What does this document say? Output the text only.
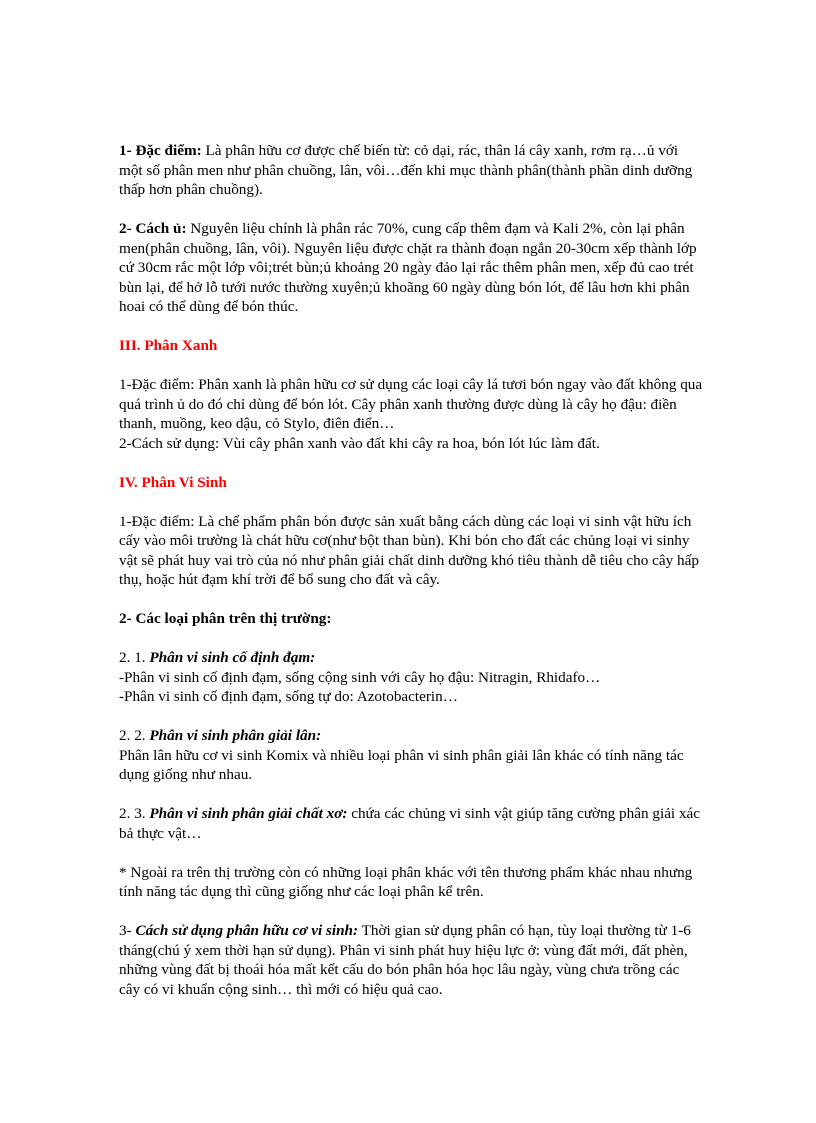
1- Đặc điểm: Là phân hữu cơ được chế biến từ: cỏ dại, rác, thân lá cây xanh, rơm rạ…ủ với một số phân men như phân chuồng, lân, vôi…đến khi mục thành phân(thành phần dinh dưỡng thấp hơn phân chuồng).

2- Cách ủ: Nguyên liệu chính là phân rác 70%, cung cấp thêm đạm và Kali 2%, còn lại phân men(phân chuồng, lân, vôi). Nguyên liệu được chặt ra thành đoạn ngắn 20-30cm xếp thành lớp cứ 30cm rắc một lớp vôi;trét bùn;ủ khoảng 20 ngày đảo lại rắc thêm phân men, xếp đủ cao trét bùn lại, để hở lỗ tưới nước thường xuyên;ủ khoãng 60 ngày dùng bón lót, để lâu hơn khi phân hoai có thể dùng để bón thúc.

III. Phân Xanh

1-Đặc điểm: Phân xanh là phân hữu cơ sử dụng các loại cây lá tươi bón ngay vào đất không qua quá trình ủ do đó chỉ dùng để bón lót. Cây phân xanh thường được dùng là cây họ đậu: điền thanh, muồng, keo dậu, cỏ Stylo, điên điển…
2-Cách sử dụng: Vùi cây phân xanh vào đất khi cây ra hoa, bón lót lúc làm đất.

IV. Phân Vi Sinh

1-Đặc điểm: Là chế phẩm phân bón được sản xuất bằng cách dùng các loại vi sinh vật hữu ích cấy vào môi trường là chát hữu cơ(như bột than bùn). Khi bón cho đất các chủng loại vi sinhy vật sẽ phát huy vai trò của nó như phân giải chất dinh dưỡng khó tiêu thành dễ tiêu cho cây hấp thụ, hoặc hút đạm khí trời để bổ sung cho đất và cây.

2- Các loại phân trên thị trường:

2. 1. Phân vi sinh cố định đạm:
-Phân vi sinh cố định đạm, sống cộng sinh với cây họ đậu: Nitragin, Rhidafo…
-Phân vi sinh cố định đạm, sống tự do: Azotobacterin…

2. 2. Phân vi sinh phân giải lân:
Phân lân hữu cơ vi sinh Komix và nhiều loại phân vi sinh phân giải lân khác có tính năng tác dụng giống như nhau.

2. 3. Phân vi sinh phân giải chất xơ: chứa các chủng vi sinh vật giúp tăng cường phân giải xác bả thực vật…

* Ngoài ra trên thị trường còn có những loại phân khác với tên thương phẩm khác nhau nhưng tính năng tác dụng thì cũng giống như các loại phân kể trên.

3- Cách sử dụng phân hữu cơ vi sinh: Thời gian sử dụng phân có hạn, tùy loại thường từ 1-6 tháng(chú ý xem thời hạn sử dụng). Phân vi sinh phát huy hiệu lực ở: vùng đất mới, đất phèn, những vùng đất bị thoái hóa mất kết cấu do bón phân hóa học lâu ngày, vùng chưa trồng các cây có vi khuẩn cộng sinh… thì mới có hiệu quả cao.
